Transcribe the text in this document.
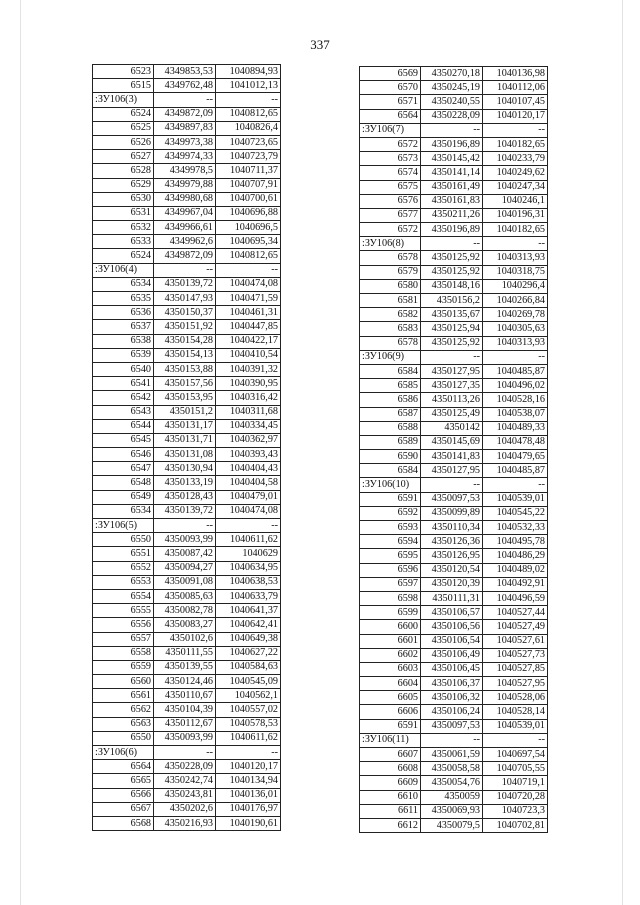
337
6523	4349853,53	1040894,93
6515	4349762,48	1041012,13
:ЗУ106(3)	--	--
6524	4349872,09	1040812,65
6525	4349897,83	1040826,4
6526	4349973,38	1040723,65
6527	4349974,33	1040723,79
6528	4349978,5	1040711,37
6529	4349979,88	1040707,91
6530	4349980,68	1040700,61
6531	4349967,04	1040696,88
6532	4349966,61	1040696,5
6533	4349962,6	1040695,34
6524	4349872,09	1040812,65
:ЗУ106(4)	--	--
6534	4350139,72	1040474,08
6535	4350147,93	1040471,59
6536	4350150,37	1040461,31
6537	4350151,92	1040447,85
6538	4350154,28	1040422,17
6539	4350154,13	1040410,54
6540	4350153,88	1040391,32
6541	4350157,56	1040390,95
6542	4350153,95	1040316,42
6543	4350151,2	1040311,68
6544	4350131,17	1040334,45
6545	4350131,71	1040362,97
6546	4350131,08	1040393,43
6547	4350130,94	1040404,43
6548	4350133,19	1040404,58
6549	4350128,43	1040479,01
6534	4350139,72	1040474,08
:ЗУ106(5)	--	--
6550	4350093,99	1040611,62
6551	4350087,42	1040629
6552	4350094,27	1040634,95
6553	4350091,08	1040638,53
6554	4350085,63	1040633,79
6555	4350082,78	1040641,37
6556	4350083,27	1040642,41
6557	4350102,6	1040649,38
6558	4350111,55	1040627,22
6559	4350139,55	1040584,63
6560	4350124,46	1040545,09
6561	4350110,67	1040562,1
6562	4350104,39	1040557,02
6563	4350112,67	1040578,53
6550	4350093,99	1040611,62
:ЗУ106(6)	--	--
6564	4350228,09	1040120,17
6565	4350242,74	1040134,94
6566	4350243,81	1040136,01
6567	4350202,6	1040176,97
6568	4350216,93	1040190,61
6569	4350270,18	1040136,98
6570	4350245,19	1040112,06
6571	4350240,55	1040107,45
6564	4350228,09	1040120,17
:ЗУ106(7)	--	--
6572	4350196,89	1040182,65
6573	4350145,42	1040233,79
6574	4350141,14	1040249,62
6575	4350161,49	1040247,34
6576	4350161,83	1040246,1
6577	4350211,26	1040196,31
6572	4350196,89	1040182,65
:ЗУ106(8)	--	--
6578	4350125,92	1040313,93
6579	4350125,92	1040318,75
6580	4350148,16	1040296,4
6581	4350156,2	1040266,84
6582	4350135,67	1040269,78
6583	4350125,94	1040305,63
6578	4350125,92	1040313,93
:ЗУ106(9)	--	--
6584	4350127,95	1040485,87
6585	4350127,35	1040496,02
6586	4350113,26	1040528,16
6587	4350125,49	1040538,07
6588	4350142	1040489,33
6589	4350145,69	1040478,48
6590	4350141,83	1040479,65
6584	4350127,95	1040485,87
:ЗУ106(10)	--	--
6591	4350097,53	1040539,01
6592	4350099,89	1040545,22
6593	4350110,34	1040532,33
6594	4350126,36	1040495,78
6595	4350126,95	1040486,29
6596	4350120,54	1040489,02
6597	4350120,39	1040492,91
6598	4350111,31	1040496,59
6599	4350106,57	1040527,44
6600	4350106,56	1040527,49
6601	4350106,54	1040527,61
6602	4350106,49	1040527,73
6603	4350106,45	1040527,85
6604	4350106,37	1040527,95
6605	4350106,32	1040528,06
6606	4350106,24	1040528,14
6591	4350097,53	1040539,01
:ЗУ106(11)	--	--
6607	4350061,59	1040697,54
6608	4350058,58	1040705,55
6609	4350054,76	1040719,1
6610	4350059	1040720,28
6611	4350069,93	1040723,3
6612	4350079,5	1040702,81
